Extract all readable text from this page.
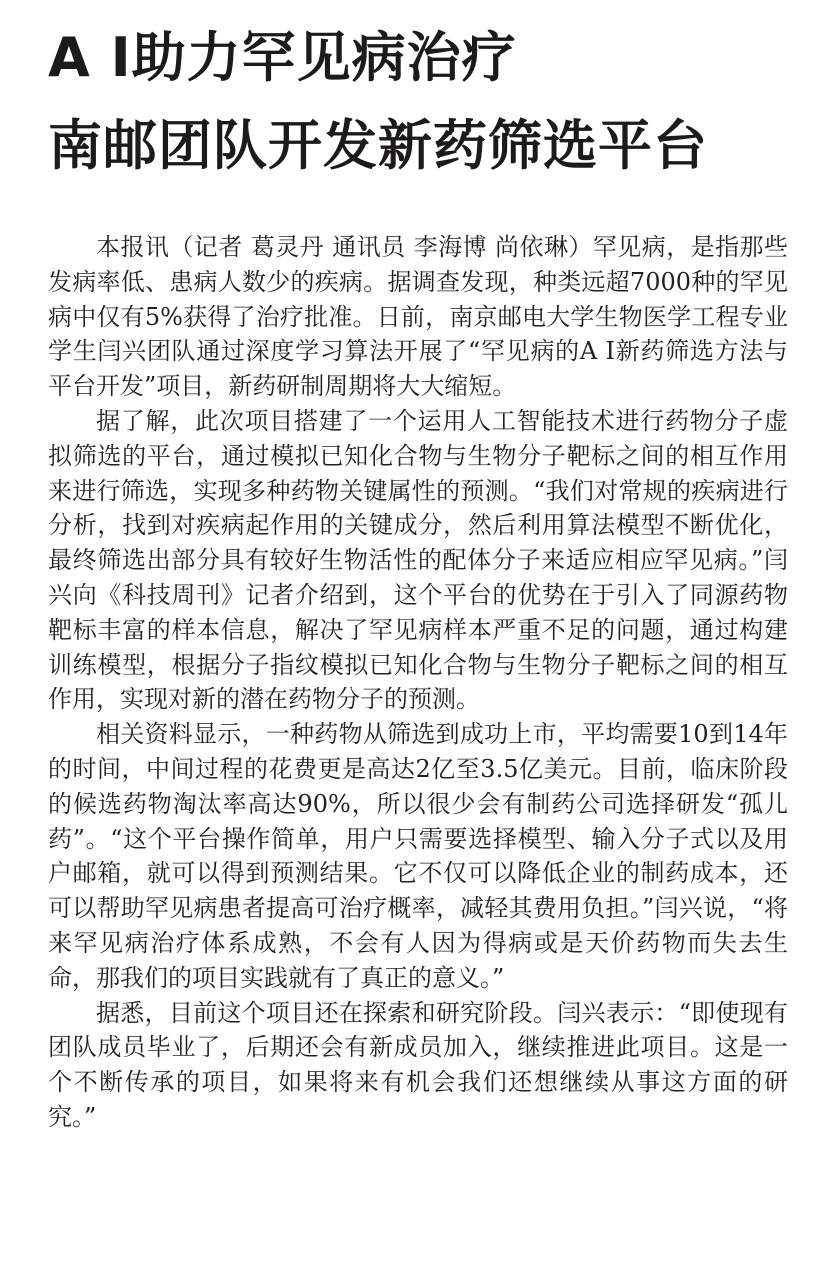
A I助力罕见病治疗
南邮团队开发新药筛选平台

本报讯（记者 葛灵丹 通讯员 李海博 尚依琳）罕见病，是指那些发病率低、患病人数少的疾病。据调查发现，种类远超7000种的罕见病中仅有5%获得了治疗批准。日前，南京邮电大学生物医学工程专业学生闫兴团队通过深度学习算法开展了“罕见病的A I新药筛选方法与平台开发”项目，新药研制周期将大大缩短。

据了解，此次项目搭建了一个运用人工智能技术进行药物分子虚拟筛选的平台，通过模拟已知化合物与生物分子靶标之间的相互作用来进行筛选，实现多种药物关键属性的预测。“我们对常规的疾病进行分析，找到对疾病起作用的关键成分，然后利用算法模型不断优化，最终筛选出部分具有较好生物活性的配体分子来适应相应罕见病。”闫兴向《科技周刊》记者介绍到，这个平台的优势在于引入了同源药物靶标丰富的样本信息，解决了罕见病样本严重不足的问题，通过构建训练模型，根据分子指纹模拟已知化合物与生物分子靶标之间的相互作用，实现对新的潜在药物分子的预测。

相关资料显示，一种药物从筛选到成功上市，平均需要10到14年的时间，中间过程的花费更是高达2亿至3.5亿美元。目前，临床阶段的候选药物淘汰率高达90%，所以很少会有制药公司选择研发“孤儿药”。“这个平台操作简单，用户只需要选择模型、输入分子式以及用户邮箱，就可以得到预测结果。它不仅可以降低企业的制药成本，还可以帮助罕见病患者提高可治疗概率，减轻其费用负担。”闫兴说，“将来罕见病治疗体系成熟，不会有人因为得病或是天价药物而失去生命，那我们的项目实践就有了真正的意义。”

据悉，目前这个项目还在探索和研究阶段。闫兴表示：“即使现有团队成员毕业了，后期还会有新成员加入，继续推进此项目。这是一个不断传承的项目，如果将来有机会我们还想继续从事这方面的研究。”
